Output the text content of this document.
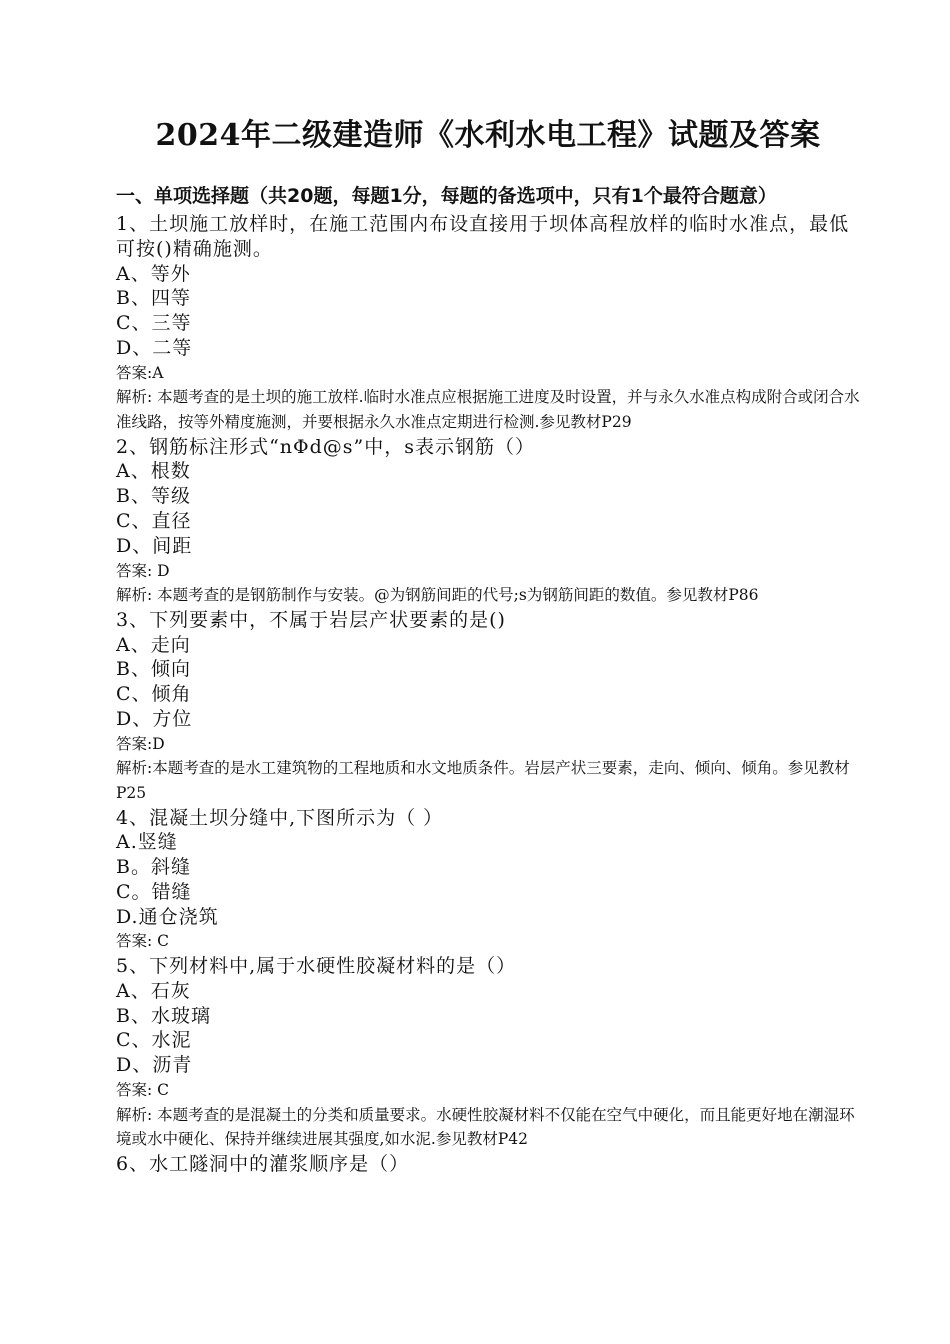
2024年二级建造师《水利水电工程》试题及答案
一、单项选择题（共20题，每题1分，每题的备选项中，只有1个最符合题意）

1、土坝施工放样时，在施工范围内布设直接用于坝体高程放样的临时水准点，最低可按()精确施测。

A、等外

B、四等

C、三等

D、二等

答案:A

解析: 本题考查的是土坝的施工放样.临时水准点应根据施工进度及时设置，并与永久水准点构成附合或闭合水准线路，按等外精度施测，并要根据永久水准点定期进行检测.参见教材P29

2、钢筋标注形式“nΦd@s”中，s表示钢筋（）

A、根数

B、等级

C、直径

D、间距

答案: D

解析: 本题考查的是钢筋制作与安装。@为钢筋间距的代号;s为钢筋间距的数值。参见教材P86

3、下列要素中，不属于岩层产状要素的是()

A、走向

B、倾向

C、倾角

D、方位

答案:D

解析:本题考查的是水工建筑物的工程地质和水文地质条件。岩层产状三要素，走向、倾向、倾角。参见教材P25

4、混凝土坝分缝中,下图所示为（ ）

A.竖缝

B。斜缝

C。错缝

D.通仓浇筑

答案: C

5、下列材料中,属于水硬性胶凝材料的是（）

A、石灰

B、水玻璃

C、水泥

D、沥青

答案: C

解析: 本题考查的是混凝土的分类和质量要求。水硬性胶凝材料不仅能在空气中硬化，而且能更好地在潮湿环境或水中硬化、保持并继续进展其强度,如水泥.参见教材P42

6、水工隧洞中的灌浆顺序是（）
